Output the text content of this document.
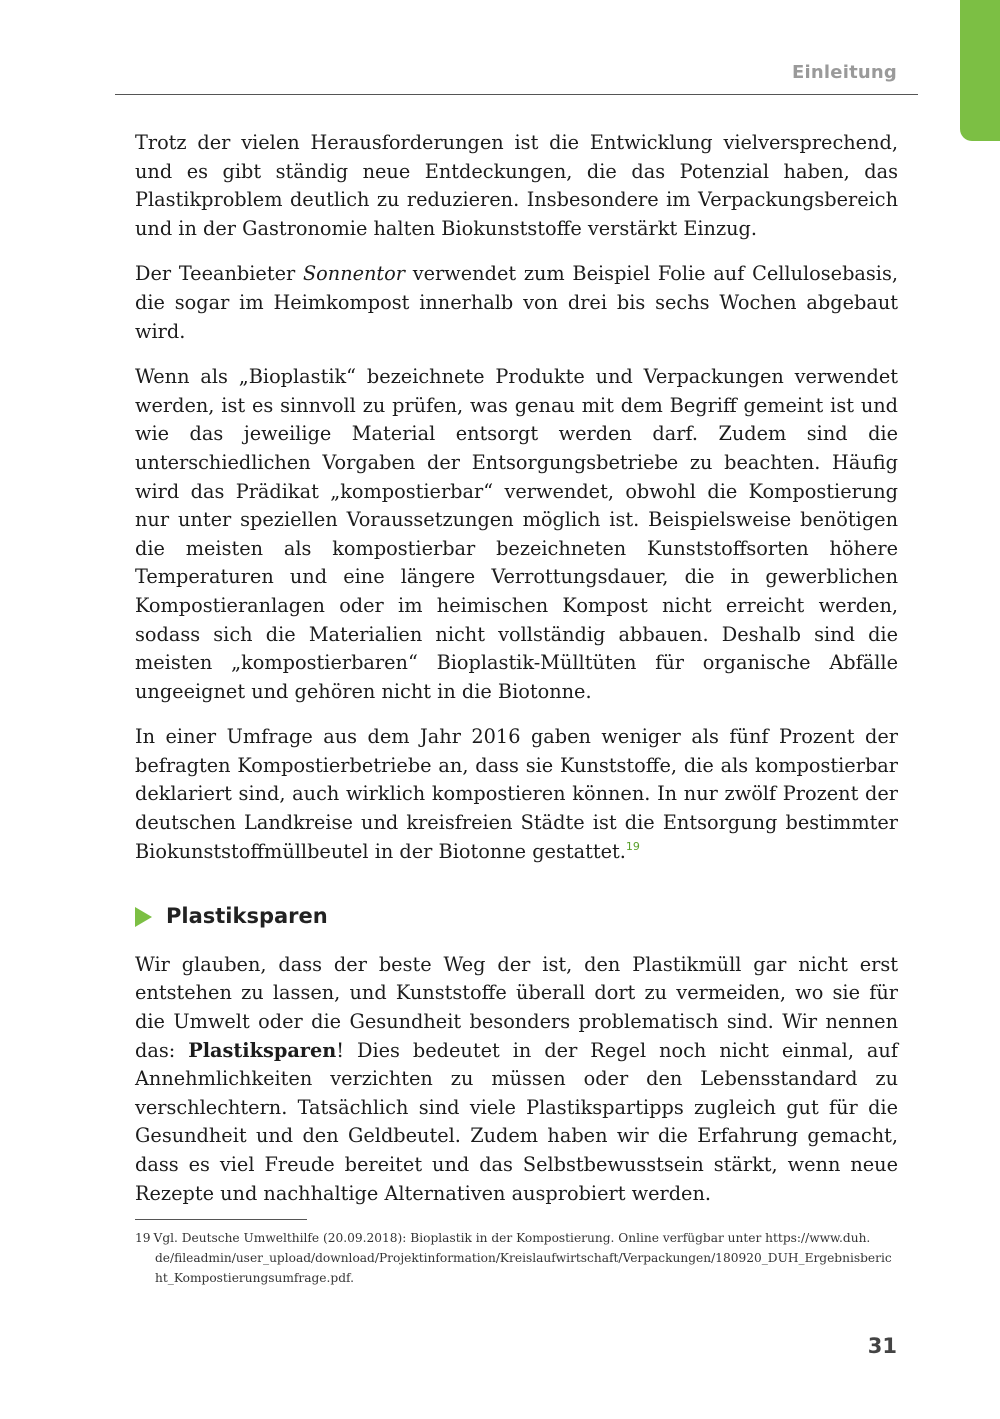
Einleitung

Trotz der vielen Herausforderungen ist die Entwicklung vielversprechend, und es gibt ständig neue Entdeckungen, die das Potenzial haben, das Plastikproblem deutlich zu reduzieren. Insbesondere im Verpackungsbereich und in der Gastronomie halten Biokunststoffe verstärkt Einzug.

Der Teeanbieter Sonnentor verwendet zum Beispiel Folie auf Cellulosebasis, die sogar im Heimkompost innerhalb von drei bis sechs Wochen abgebaut wird.

Wenn als „Bioplastik“ bezeichnete Produkte und Verpackungen verwendet werden, ist es sinnvoll zu prüfen, was genau mit dem Begriff gemeint ist und wie das jeweilige Material entsorgt werden darf. Zudem sind die unterschiedlichen Vorgaben der Entsorgungsbetriebe zu beachten. Häufig wird das Prädikat „kompostierbar“ verwendet, obwohl die Kompostierung nur unter speziellen Voraussetzungen möglich ist. Beispielsweise benötigen die meisten als kompostierbar bezeichneten Kunststoffsorten höhere Temperaturen und eine längere Verrottungsdauer, die in gewerblichen Kompostieranlagen oder im heimischen Kompost nicht erreicht werden, sodass sich die Materialien nicht vollständig abbauen. Deshalb sind die meisten „kompostierbaren“ Bioplastik-Mülltüten für organische Abfälle ungeeignet und gehören nicht in die Biotonne.

In einer Umfrage aus dem Jahr 2016 gaben weniger als fünf Prozent der befragten Kompostierbetriebe an, dass sie Kunststoffe, die als kompostierbar deklariert sind, auch wirklich kompostieren können. In nur zwölf Prozent der deutschen Landkreise und kreisfreien Städte ist die Entsorgung bestimmter Biokunststoffmüllbeutel in der Biotonne gestattet.$^{19}$

Plastiksparen

Wir glauben, dass der beste Weg der ist, den Plastikmüll gar nicht erst entstehen zu lassen, und Kunststoffe überall dort zu vermeiden, wo sie für die Umwelt oder die Gesundheit besonders problematisch sind. Wir nennen das: Plastiksparen! Dies bedeutet in der Regel noch nicht einmal, auf Annehmlichkeiten verzichten zu müssen oder den Lebensstandard zu verschlechtern. Tatsächlich sind viele Plastikspartipps zugleich gut für die Gesundheit und den Geldbeutel. Zudem haben wir die Erfahrung gemacht, dass es viel Freude bereitet und das Selbstbewusstsein stärkt, wenn neue Rezepte und nachhaltige Alternativen ausprobiert werden.

19 Vgl. Deutsche Umwelthilfe (20.09.2018): Bioplastik in der Kompostierung. Online verfügbar unter https://www.duh.
de/fileadmin/user_upload/download/Projektinformation/Kreislaufwirtschaft/Verpackungen/180920_DUH_Ergebnisbericht_Kompostierungsumfrage.pdf.
31
